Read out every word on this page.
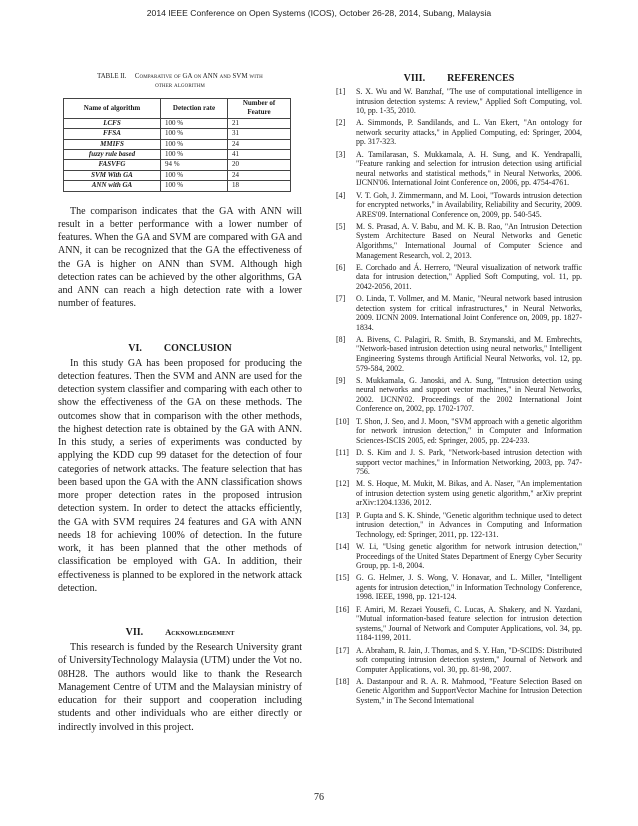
2014 IEEE Conference on Open Systems (ICOS), October 26-28, 2014, Subang, Malaysia
TABLE II. Comparative of GA on ANN and SVM with
other algorithm
Name of algorithm	Detection rate	Number of Feature
LCFS	100 %	21
FFSA	100 %	31
MMIFS	100 %	24
fuzzy rule based	100 %	41
FASVFG	94 %	20
SVM With GA	100 %	24
ANN with GA	100 %	18

The comparison indicates that the GA with ANN will result in a better performance with a lower number of features. When the GA and SVM are compared with GA and ANN, it can be recognized that the GA the effectiveness of the GA is higher on ANN than SVM. Although high detection rates can be achieved by the other algorithms, GA and ANN can reach a high detection rate with a lower number of features.

VI. CONCLUSION

In this study GA has been proposed for producing the detection features. Then the SVM and ANN are used for the detection system classifier and comparing with each other to show the effectiveness of the GA on these methods. The outcomes show that in comparison with the other methods, the highest detection rate is obtained by the GA with ANN. In this study, a series of experiments was conducted by applying the KDD cup 99 dataset for the detection of four categories of network attacks. The feature selection that has been based upon the GA with the ANN classification shows more proper detection rates in the proposed intrusion detection system. In order to detect the attacks efficiently, the GA with SVM requires 24 features and GA with ANN needs 18 for achieving 100% of detection. In the future work, it has been planned that the other methods of classification be employed with GA. In addition, their effectiveness is planned to be explored in the network attack detection.

VII.	Acknowledgement

This research is funded by the Research University grant of UniversityTechnology Malaysia (UTM) under the Vot no. 08H28. The authors would like to thank the Research Management Centre of UTM and the Malaysian ministry of education for their support and cooperation including students and other individuals who are either directly or indirectly involved in this project.

VIII. REFERENCES
[1] S. X. Wu and W. Banzhaf, "The use of computational intelligence in intrusion detection systems: A review," Applied Soft Computing, vol. 10, pp. 1-35, 2010.
[2] A. Simmonds, P. Sandilands, and L. Van Ekert, "An ontology for network security attacks," in Applied Computing, ed: Springer, 2004, pp. 317-323.
[3] A. Tamilarasan, S. Mukkamala, A. H. Sung, and K. Yendrapalli, "Feature ranking and selection for intrusion detection using artificial neural networks and statistical methods," in Neural Networks, 2006. IJCNN'06. International Joint Conference on, 2006, pp. 4754-4761.
[4] V. T. Goh, J. Zimmermann, and M. Looi, "Towards intrusion detection for encrypted networks," in Availability, Reliability and Security, 2009. ARES'09. International Conference on, 2009, pp. 540-545.
[5] M. S. Prasad, A. V. Babu, and M. K. B. Rao, "An Intrusion Detection System Architecture Based on Neural Networks and Genetic Algorithms," International Journal of Computer Science and Management Research, vol. 2, 2013.
[6] E. Corchado and Á. Herrero, "Neural visualization of network traffic data for intrusion detection," Applied Soft Computing, vol. 11, pp. 2042-2056, 2011.
[7] O. Linda, T. Vollmer, and M. Manic, "Neural network based intrusion detection system for critical infrastructures," in Neural Networks, 2009. IJCNN 2009. International Joint Conference on, 2009, pp. 1827-1834.
[8] A. Bivens, C. Palagiri, R. Smith, B. Szymanski, and M. Embrechts, "Network-based intrusion detection using neural networks," Intelligent Engineering Systems through Artificial Neural Networks, vol. 12, pp. 579-584, 2002.
[9] S. Mukkamala, G. Janoski, and A. Sung, "Intrusion detection using neural networks and support vector machines," in Neural Networks, 2002. IJCNN'02. Proceedings of the 2002 International Joint Conference on, 2002, pp. 1702-1707.
[10] T. Shon, J. Seo, and J. Moon, "SVM approach with a genetic algorithm for network intrusion detection," in Computer and Information Sciences-ISCIS 2005, ed: Springer, 2005, pp. 224-233.
[11] D. S. Kim and J. S. Park, "Network-based intrusion detection with support vector machines," in Information Networking, 2003, pp. 747-756.
[12] M. S. Hoque, M. Mukit, M. Bikas, and A. Naser, "An implementation of intrusion detection system using genetic algorithm," arXiv preprint arXiv:1204.1336, 2012.
[13] P. Gupta and S. K. Shinde, "Genetic algorithm technique used to detect intrusion detection," in Advances in Computing and Information Technology, ed: Springer, 2011, pp. 122-131.
[14] W. Li, "Using genetic algorithm for network intrusion detection," Proceedings of the United States Department of Energy Cyber Security Group, pp. 1-8, 2004.
[15] G. G. Helmer, J. S. Wong, V. Honavar, and L. Miller, "Intelligent agents for intrusion detection," in Information Technology Conference, 1998. IEEE, 1998, pp. 121-124.
[16] F. Amiri, M. Rezaei Yousefi, C. Lucas, A. Shakery, and N. Yazdani, "Mutual information-based feature selection for intrusion detection systems," Journal of Network and Computer Applications, vol. 34, pp. 1184-1199, 2011.
[17] A. Abraham, R. Jain, J. Thomas, and S. Y. Han, "D-SCIDS: Distributed soft computing intrusion detection system," Journal of Network and Computer Applications, vol. 30, pp. 81-98, 2007.
[18] A. Dastanpour and R. A. R. Mahmood, "Feature Selection Based on Genetic Algorithm and SupportVector Machine for Intrusion Detection System," in The Second International
76
